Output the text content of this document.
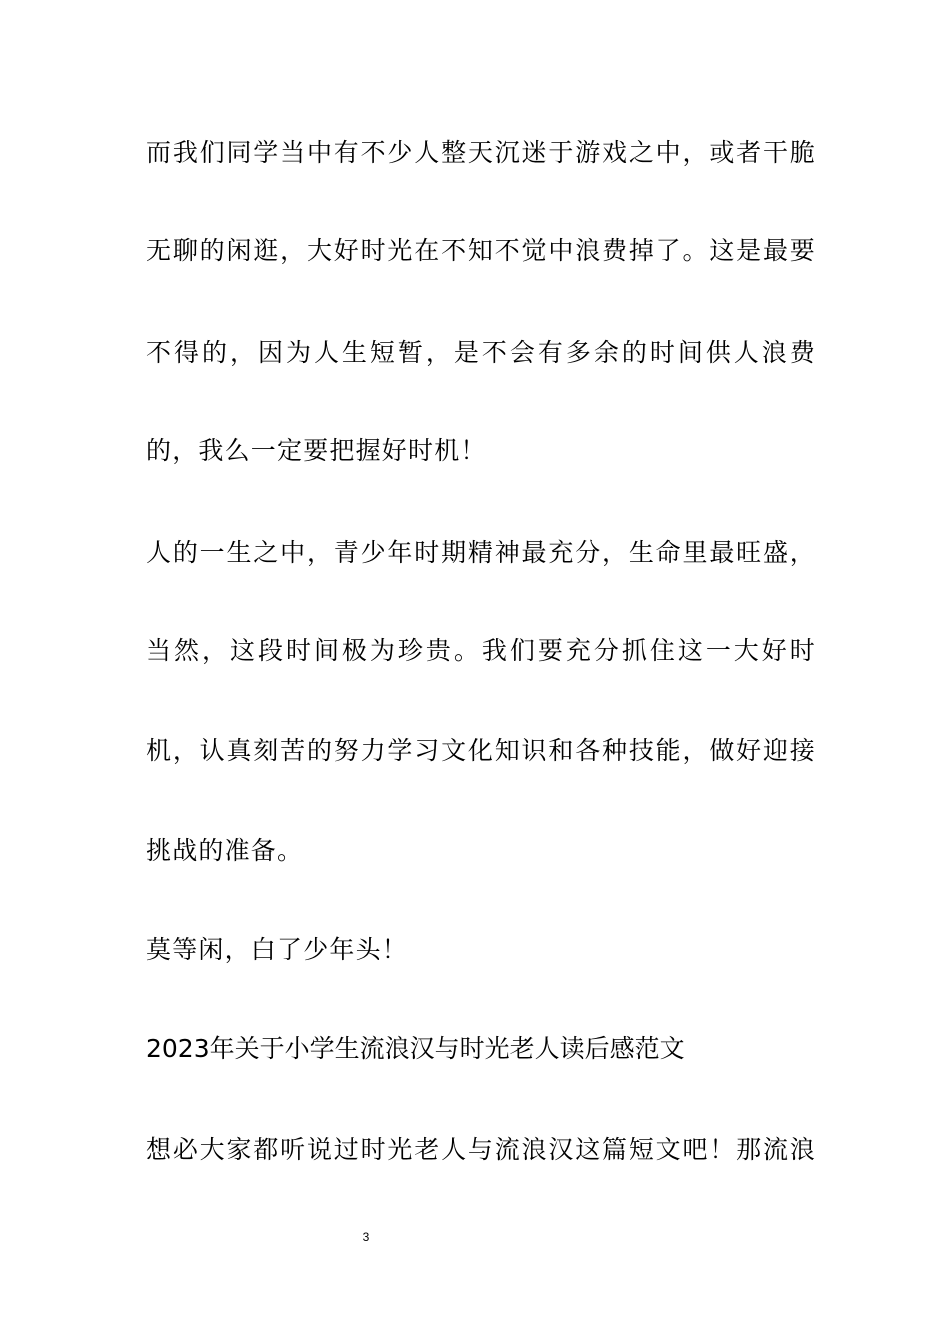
而我们同学当中有不少人整天沉迷于游戏之中，或者干脆
无聊的闲逛，大好时光在不知不觉中浪费掉了。这是最要
不得的，因为人生短暂，是不会有多余的时间供人浪费
的，我么一定要把握好时机！
人的一生之中，青少年时期精神最充分，生命里最旺盛，
当然，这段时间极为珍贵。我们要充分抓住这一大好时
机，认真刻苦的努力学习文化知识和各种技能，做好迎接
挑战的准备。
莫等闲，白了少年头！
2023年关于小学生流浪汉与时光老人读后感范文
想必大家都听说过时光老人与流浪汉这篇短文吧！那流浪
3
